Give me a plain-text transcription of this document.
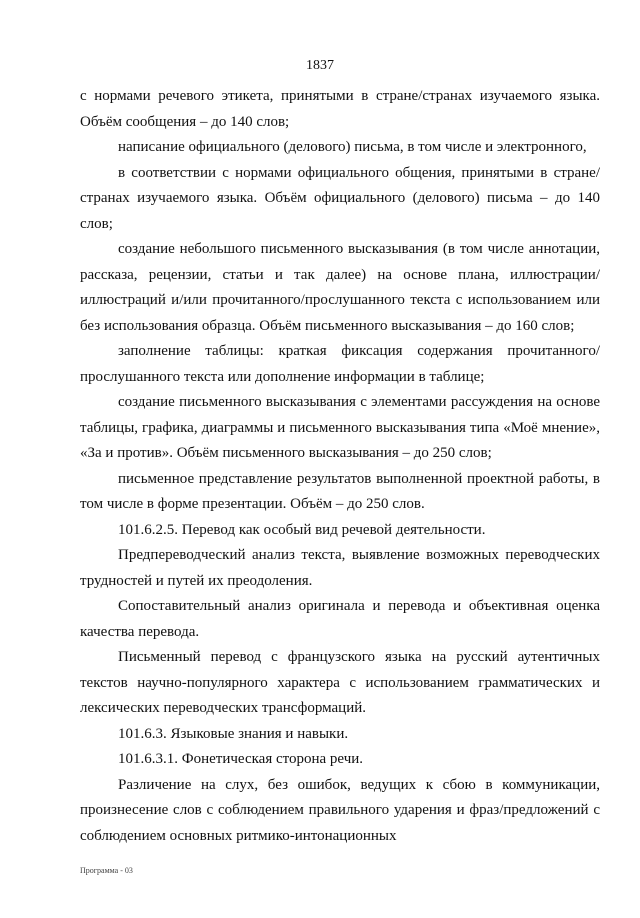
1837

с нормами речевого этикета, принятыми в стране/странах изучаемого языка. Объём сообщения – до 140 слов;

написание официального (делового) письма, в том числе и электронного,

в соответствии с нормами официального общения, принятыми в стране/странах изучаемого языка. Объём официального (делового) письма – до 140 слов;

создание небольшого письменного высказывания (в том числе аннотации, рассказа, рецензии, статьи и так далее) на основе плана, иллюстрации/иллюстраций и/или прочитанного/прослушанного текста с использованием или без использования образца. Объём письменного высказывания – до 160 слов;

заполнение таблицы: краткая фиксация содержания прочитанного/прослушанного текста или дополнение информации в таблице;

создание письменного высказывания с элементами рассуждения на основе таблицы, графика, диаграммы и письменного высказывания типа «Моё мнение», «За и против». Объём письменного высказывания – до 250 слов;

письменное представление результатов выполненной проектной работы, в том числе в форме презентации. Объём – до 250 слов.

101.6.2.5. Перевод как особый вид речевой деятельности.

Предпереводческий анализ текста, выявление возможных переводческих трудностей и путей их преодоления.

Сопоставительный анализ оригинала и перевода и объективная оценка качества перевода.

Письменный перевод с французского языка на русский аутентичных текстов научно-популярного характера с использованием грамматических и лексических переводческих трансформаций.

101.6.3. Языковые знания и навыки.

101.6.3.1. Фонетическая сторона речи.

Различение на слух, без ошибок, ведущих к сбою в коммуникации, произнесение слов с соблюдением правильного ударения и фраз/предложений с соблюдением основных ритмико-интонационных

Программа - 03
